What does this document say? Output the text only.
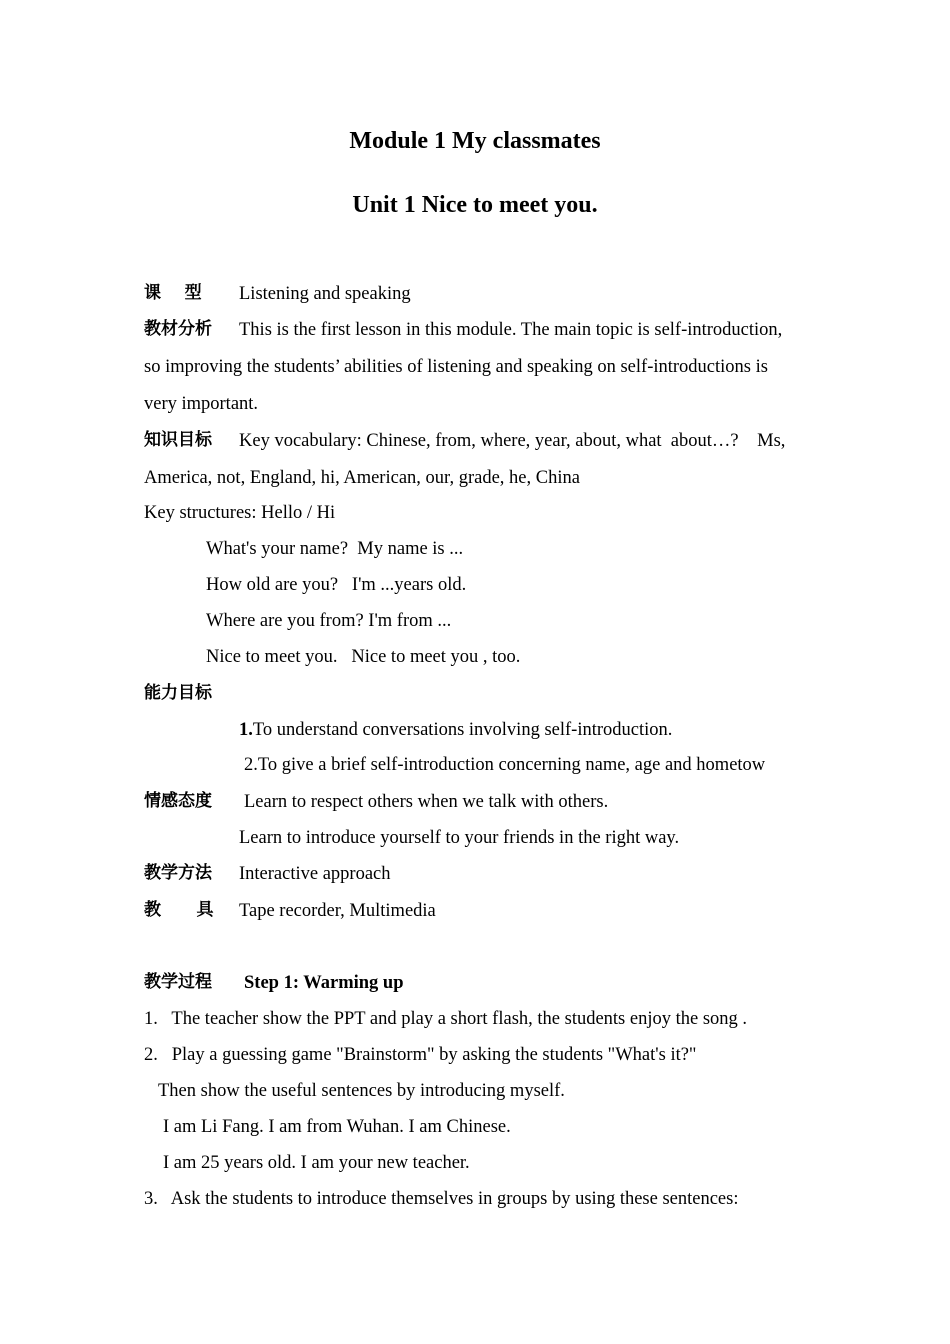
Module 1 My classmates
Unit 1 Nice to meet you.
课    型 Listening and speaking
教材分析 This is the first lesson in this module. The main topic is self-introduction,
so improving the students’ abilities of listening and speaking on self-introductions is
very important.
知识目标 Key vocabulary: Chinese, from, where, year, about, what  about…?    Ms,
America, not, England, hi, American, our, grade, he, China
Key structures: Hello / Hi
What's your name?  My name is ...
How old are you?   I'm ...years old.
Where are you from? I'm from ...
Nice to meet you.   Nice to meet you , too.
能力目标
1.To understand conversations involving self-introduction.
2.To give a brief self-introduction concerning name, age and hometow
情感态度 Learn to respect others when we talk with others.
Learn to introduce yourself to your friends in the right way.
教学方法 Interactive approach
教      具 Tape recorder, Multimedia
教学过程 Step 1: Warming up
1.   The teacher show the PPT and play a short flash, the students enjoy the song .
2.   Play a guessing game "Brainstorm" by asking the students "What's it?"
Then show the useful sentences by introducing myself.
I am Li Fang. I am from Wuhan. I am Chinese.
I am 25 years old. I am your new teacher.
3.   Ask the students to introduce themselves in groups by using these sentences:
